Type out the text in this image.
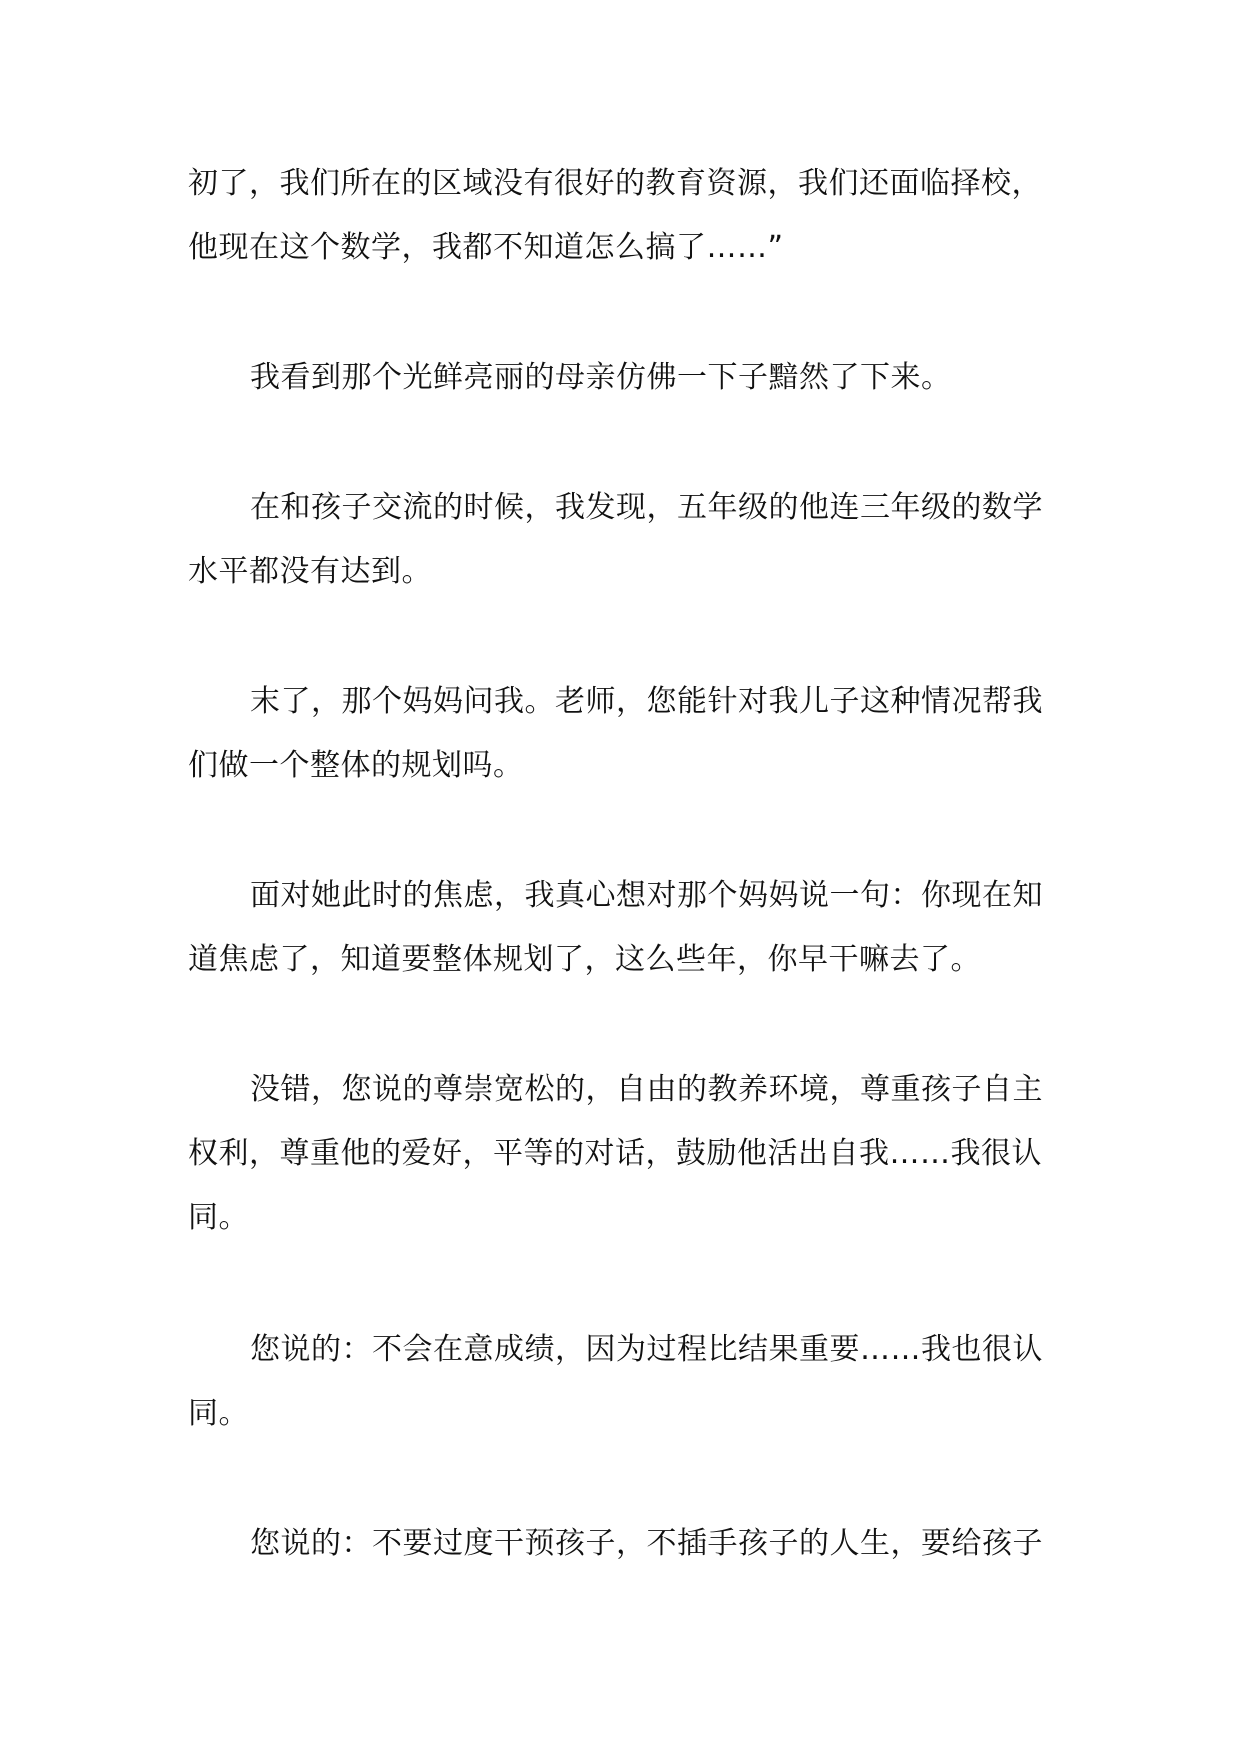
初了，我们所在的区域没有很好的教育资源，我们还面临择校，
他现在这个数学，我都不知道怎么搞了……”

我看到那个光鲜亮丽的母亲仿佛一下子黯然了下来。

在和孩子交流的时候，我发现，五年级的他连三年级的数学
水平都没有达到。

末了，那个妈妈问我。老师，您能针对我儿子这种情况帮我
们做一个整体的规划吗。

面对她此时的焦虑，我真心想对那个妈妈说一句：你现在知
道焦虑了，知道要整体规划了，这么些年，你早干嘛去了。

没错，您说的尊崇宽松的，自由的教养环境，尊重孩子自主
权利，尊重他的爱好，平等的对话，鼓励他活出自我……我很认
同。

您说的：不会在意成绩，因为过程比结果重要……我也很认
同。

您说的：不要过度干预孩子，不插手孩子的人生，要给孩子
